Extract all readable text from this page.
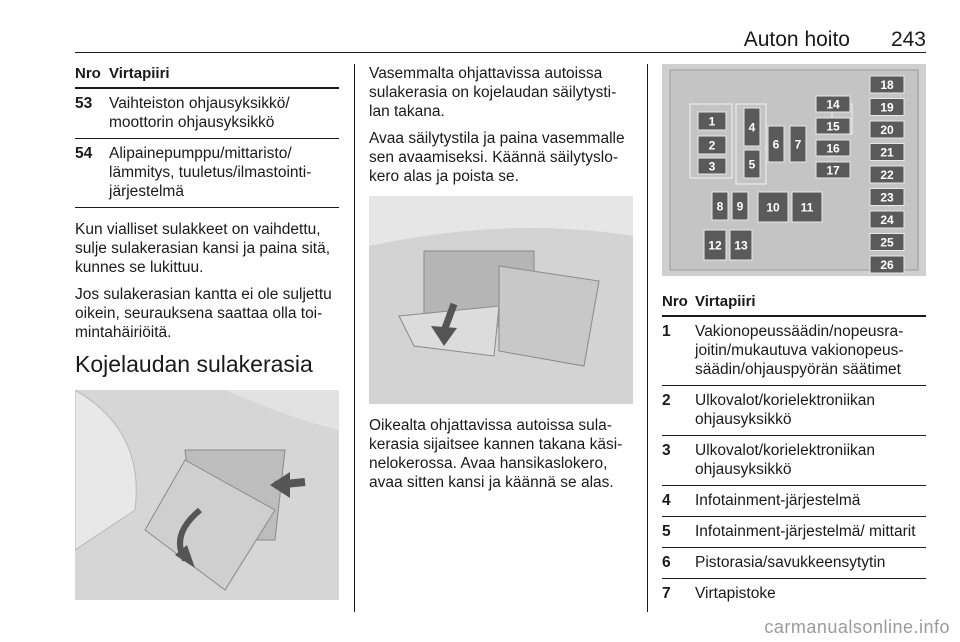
Auton hoito	243
Nro Virtapiiri
53	Vaihteiston ohjausyksikkö/ moottorin ohjausyksikkö
54	Alipainepumppu/mittaristo/ lämmitys, tuuletus/ilmastointi-järjestelmä

Kun vialliset sulakkeet on vaihdettu, sulje sulakerasian kansi ja paina sitä, kunnes se lukittuu.

Jos sulakerasian kantta ei ole suljettu oikein, seurauksena saattaa olla toi-mintahäiriöitä.

Kojelaudan sulakerasia

Vasemmalta ohjattavissa autoissa sulakerasia on kojelaudan säilytysti-lan takana.

Avaa säilytystila ja paina vasemmalle sen avaamiseksi. Käännä säilytyslo-kero alas ja poista se.

Oikealta ohjattavissa autoissa sula-kerasia sijaitsee kannen takana käsi-nelokerossa. Avaa hansikaslokero, avaa sitten kansi ja käännä se alas.

1
2
3
4
5
6 7
8 9 10 11
12 13
14
15
16
17
18
19
20
21
22
23
24
25
26
Nro Virtapiiri
1	Vakionopeussäädin/nopeusra-joitin/mukautuva vakionopeus-säädin/ohjauspyörän säätimet
2	Ulkovalot/korielektroniikan ohjausyksikkö
3	Ulkovalot/korielektroniikan ohjausyksikkö
4	Infotainment-järjestelmä
5	Infotainment-järjestelmä/ mittarit
6	Pistorasia/savukkeensytytin
7	Virtapistoke
carmanualsonline.info
